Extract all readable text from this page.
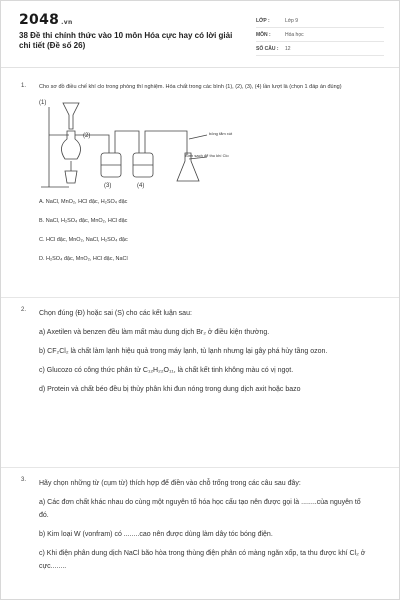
2048 .vn
38 Đề thi chính thức vào 10 môn Hóa cực hay có lời giải chi tiết (Đề số 26)
LỚP :	Lớp 9
MÔN :	Hóa học
SỐ CÂU :	12
1. Cho sơ đồ điều chế khí clo trong phòng thí nghiệm. Hóa chất trong các bình (1), (2), (3), (4) lần lượt là (chọn 1 đáp án đúng)
(1)
(2)
(3)	(4)
bông tẩm xút
Bình sạch để thu khí Clo
A. NaCl, MnO₂, HCl đặc, H₂SO₄ đặc
B. NaCl, H₂SO₄ đặc, MnO₂, HCl đặc
C. HCl đặc, MnO₂, NaCl, H₂SO₄ đặc
D. H₂SO₄ đặc, MnO₂, HCl đặc, NaCl
2. Chọn đúng (Đ) hoặc sai (S) cho các kết luận sau:
a) Axetilen và benzen đều làm mất màu dung dịch Br₂ ở điều kiện thường.
b) CF₂Cl₂ là chất làm lạnh hiệu quả trong máy lạnh, tủ lạnh nhưng lại gây phá hủy tầng ozon.
c) Glucozo có công thức phân tử C₁₂H₂₂O₁₁, là chất kết tinh không màu có vị ngọt.
d) Protein và chất béo đều bị thủy phân khi đun nóng trong dung dịch axit hoặc bazo
3. Hãy chọn những từ (cụm từ) thích hợp để điền vào chỗ trống trong các câu sau đây:
a) Các đơn chất khác nhau do cùng một nguyên tố hóa học cấu tạo nên được gọi là ........của nguyên tố đó.
b) Kim loại W (vonfram) có ........cao nên được dùng làm dây tóc bóng điện.
c) Khi điện phân dung dịch NaCl bão hòa trong thùng điện phân có màng ngăn xốp, ta thu được khí Cl₂ ở cực........
